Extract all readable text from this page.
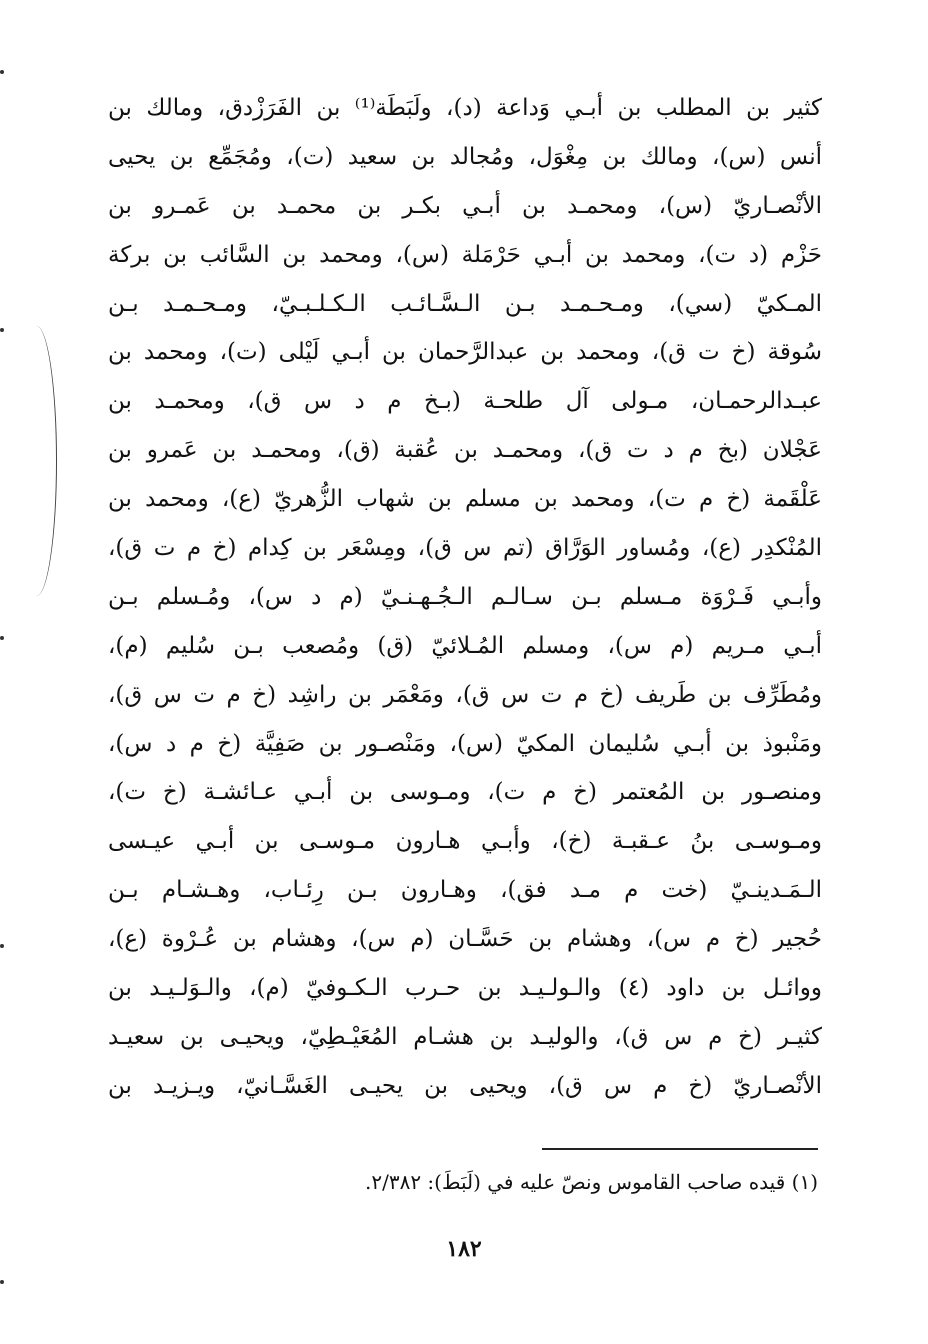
ٰكثير بن المطلب بن أبـي وَداعة (د)، ولَبَطَة⁽¹⁾ بن الفَرَزْدق، ومالك بن
أنس (س)، ومالك بن مِغْوَل، ومُجالد بن سعيد (ت)، ومُجَمِّع بن يحيى
الأنْصـاريّ (س)، ومحمـد بن أبـي بكـر بن محمـد بن عَمـرو بن
حَزْم (د ت)، ومحمد بن أبـي حَرْمَلة (س)، ومحمد بن السَّائب بن بركة
المـكيّ (سي)، ومـحـمـد بـن الـسَّـائـب الـكـلـبـيّ، ومـحـمـد بـن
سُوقة (خ ت ق)، ومحمد بن عبدالرَّحمان بن أبـي لَيْلى (ت)، ومحمد بن
عبـدالرحمـان، مـولى آل طلحـة (بـخ م د س ق)، ومحمـد بن
عَجْلان (بخ م د ت ق)، ومحمـد بن عُقبة (ق)، ومحمـد بن عَمرو بن
عَلْقَمة (خ م ت)، ومحمد بن مسلم بن شهاب الزُّهريّ (ع)، ومحمد بن
المُنْكدِر (ع)، ومُساور الوَرَّاق (تم س ق)، ومِسْعَر بن كِدام (خ م ت ق)،
وأبـي فَـرْوَة مـسلم بـن سـالـم الـجُـهـنـيّ (م د س)، ومُـسلم بـن
أبـي مـريم (م س)، ومسلم المُـلائيّ (ق) ومُصعب بـن سُليم (م)،
ومُطَرِّف بن طَريف (خ م ت س ق)، ومَعْمَر بن راشِد (خ م ت س ق)،
ومَنْبوذ بن أبـي سُليمان المكيّ (س)، ومَنْصـور بن صَفِيَّة (خ م د س)،
ومنصـور بن المُعتمر (خ م ت)، ومـوسى بن أبـي عـائشـة (خ ت)،
ومـوسـى بنُ عـقبـة (خ)، وأبـي هـارون مـوسـى بن أبـي عيـسى
الـمَـدينـيّ (خت م مـد فق)، وهـارون بـن رِئـاب، وهـشـام بـن
حُجير (خ م س)، وهشام بن حَسَّـان (م س)، وهشام بن عُـرْوة (ع)،
ووائـل بن داود (٤) والـولـيـد بن حـرب الـكـوفيّ (م)، والـوَلـيـد بن
كثيـر (خ م س ق)، والوليـد بن هشـام المُعَيْـطِيّ، ويحيـى بن سعيـد
الأنْصـاريّ (خ م س ق)، ويحيى بن يحيـى الغَسَّـانيّ، ويـزيـد بن
(١) قيده صاحب القاموس ونصّ عليه في (لَبَطَ): ٢/٣٨٢.
١٨٢
